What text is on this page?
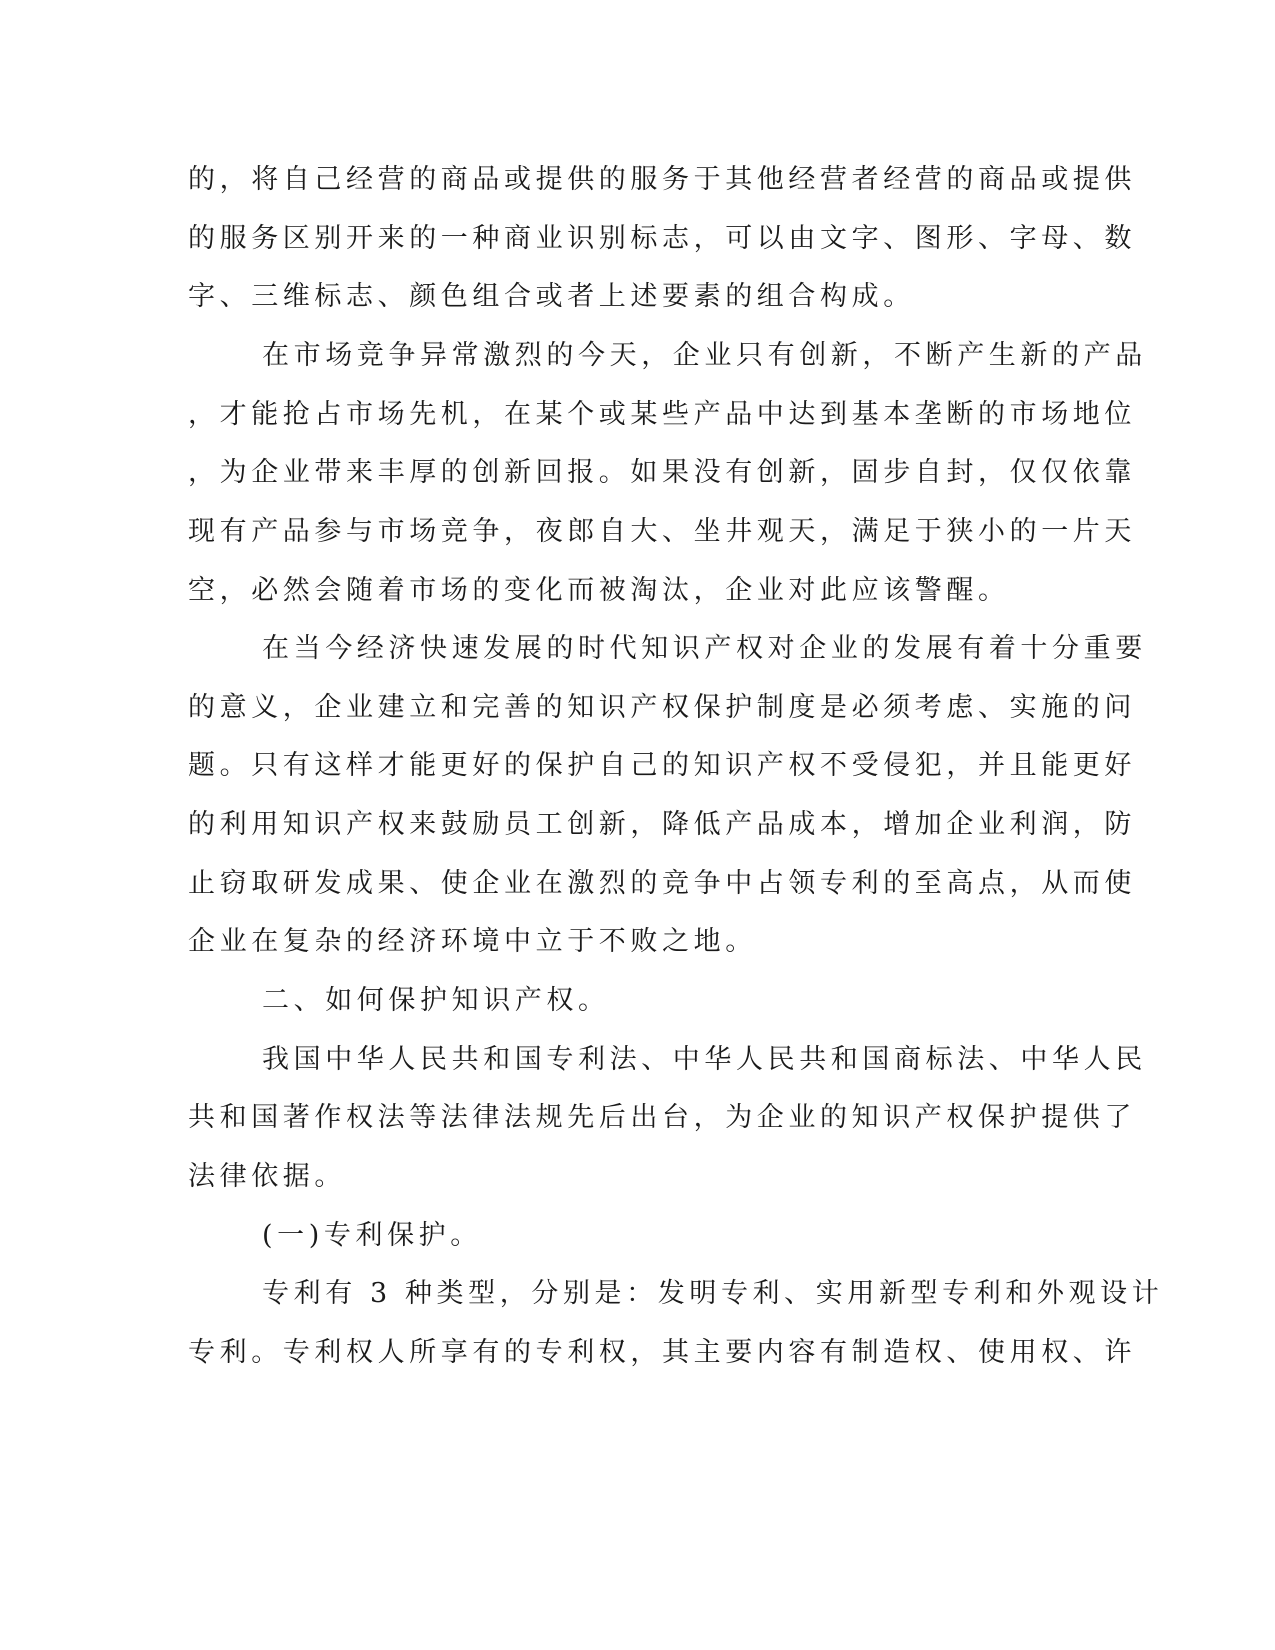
的，将自己经营的商品或提供的服务于其他经营者经营的商品或提供
的服务区别开来的一种商业识别标志，可以由文字、图形、字母、数
字、三维标志、颜色组合或者上述要素的组合构成。
在市场竞争异常激烈的今天，企业只有创新，不断产生新的产品
，才能抢占市场先机，在某个或某些产品中达到基本垄断的市场地位
，为企业带来丰厚的创新回报。如果没有创新，固步自封，仅仅依靠
现有产品参与市场竞争，夜郎自大、坐井观天，满足于狭小的一片天
空，必然会随着市场的变化而被淘汰，企业对此应该警醒。
在当今经济快速发展的时代知识产权对企业的发展有着十分重要
的意义，企业建立和完善的知识产权保护制度是必须考虑、实施的问
题。只有这样才能更好的保护自己的知识产权不受侵犯，并且能更好
的利用知识产权来鼓励员工创新，降低产品成本，增加企业利润，防
止窃取研发成果、使企业在激烈的竞争中占领专利的至高点，从而使
企业在复杂的经济环境中立于不败之地。
二、如何保护知识产权。
我国中华人民共和国专利法、中华人民共和国商标法、中华人民
共和国著作权法等法律法规先后出台，为企业的知识产权保护提供了
法律依据。
(一)专利保护。
专利有 3 种类型，分别是：发明专利、实用新型专利和外观设计
专利。专利权人所享有的专利权，其主要内容有制造权、使用权、许
